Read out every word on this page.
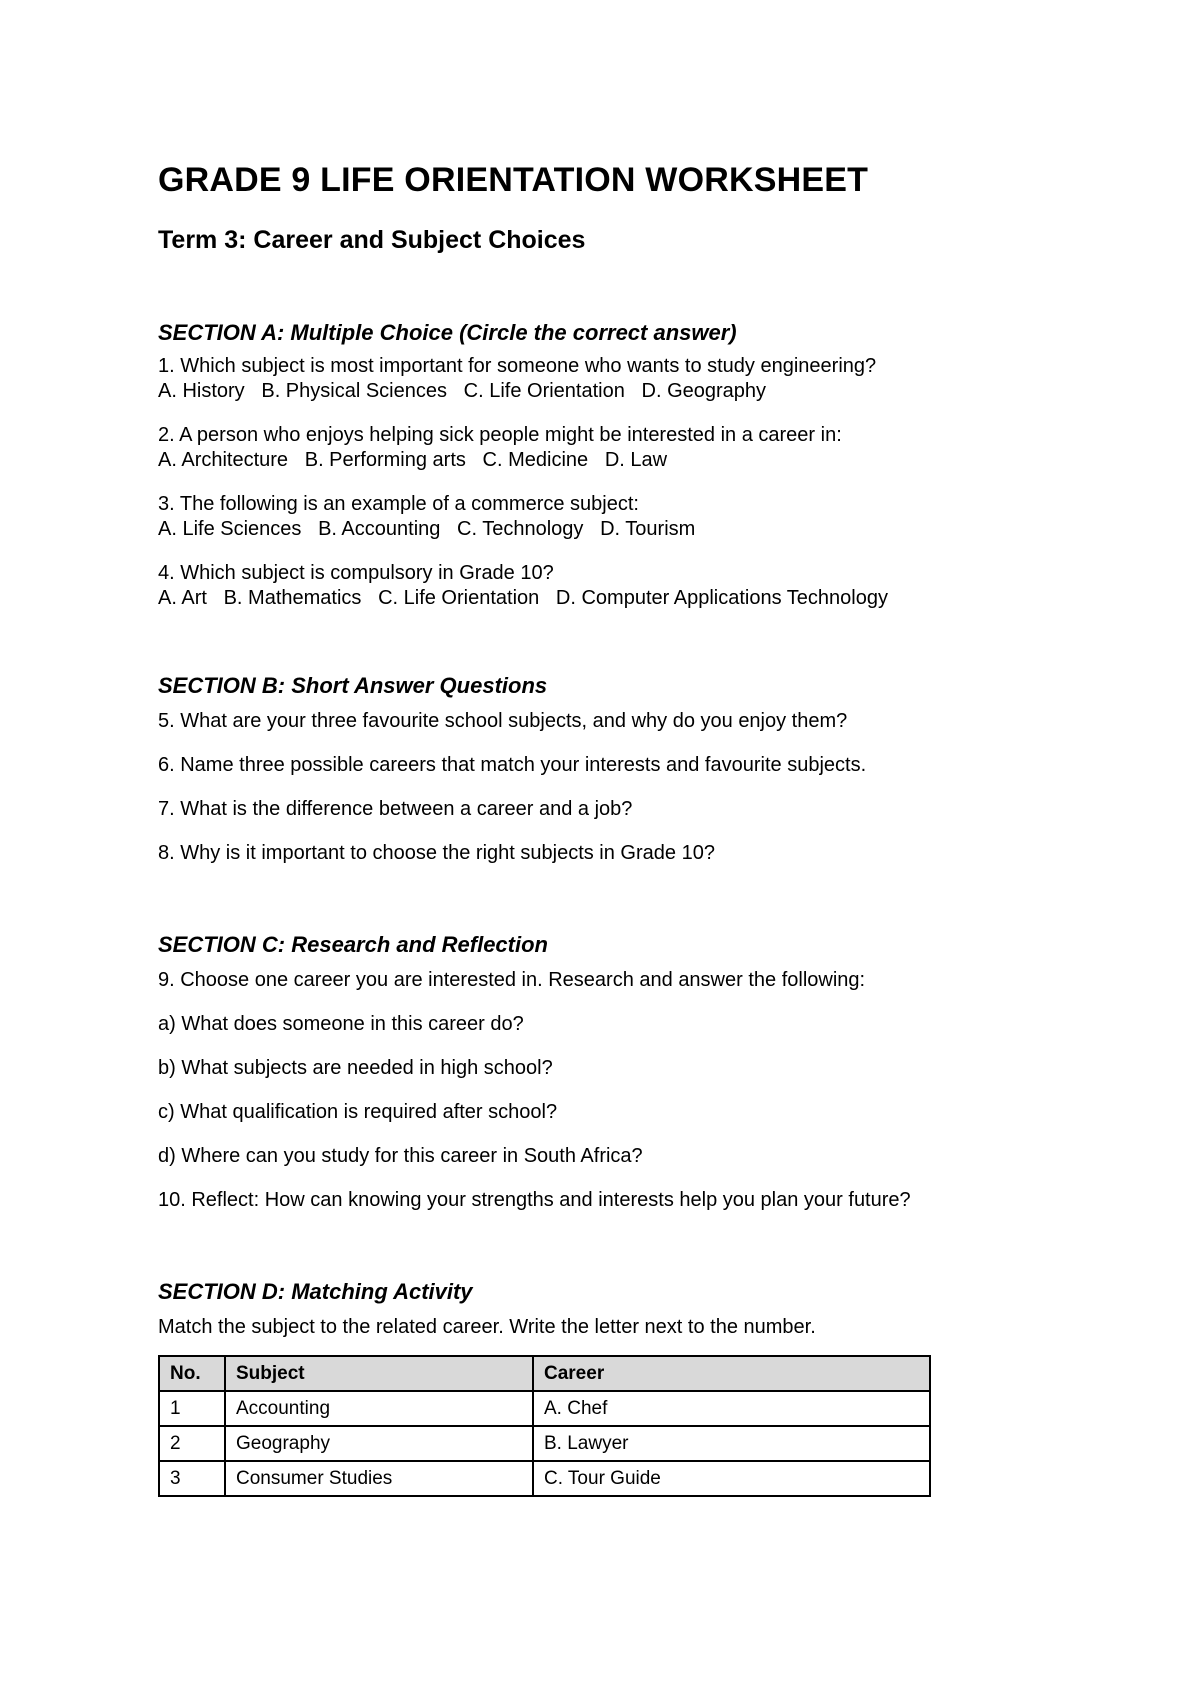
GRADE 9 LIFE ORIENTATION WORKSHEET
Term 3: Career and Subject Choices

SECTION A: Multiple Choice (Circle the correct answer)

1. Which subject is most important for someone who wants to study engineering?

A. History   B. Physical Sciences   C. Life Orientation   D. Geography

2. A person who enjoys helping sick people might be interested in a career in:

A. Architecture   B. Performing arts   C. Medicine   D. Law

3. The following is an example of a commerce subject:

A. Life Sciences   B. Accounting   C. Technology   D. Tourism

4. Which subject is compulsory in Grade 10?

A. Art   B. Mathematics   C. Life Orientation   D. Computer Applications Technology

SECTION B: Short Answer Questions

5. What are your three favourite school subjects, and why do you enjoy them?

6. Name three possible careers that match your interests and favourite subjects.

7. What is the difference between a career and a job?

8. Why is it important to choose the right subjects in Grade 10?

SECTION C: Research and Reflection

9. Choose one career you are interested in. Research and answer the following:

a) What does someone in this career do?

b) What subjects are needed in high school?

c) What qualification is required after school?

d) Where can you study for this career in South Africa?

10. Reflect: How can knowing your strengths and interests help you plan your future?

SECTION D: Matching Activity

Match the subject to the related career. Write the letter next to the number.

No.	Subject	Career
1	Accounting	A. Chef
2	Geography	B. Lawyer
3	Consumer Studies	C. Tour Guide
